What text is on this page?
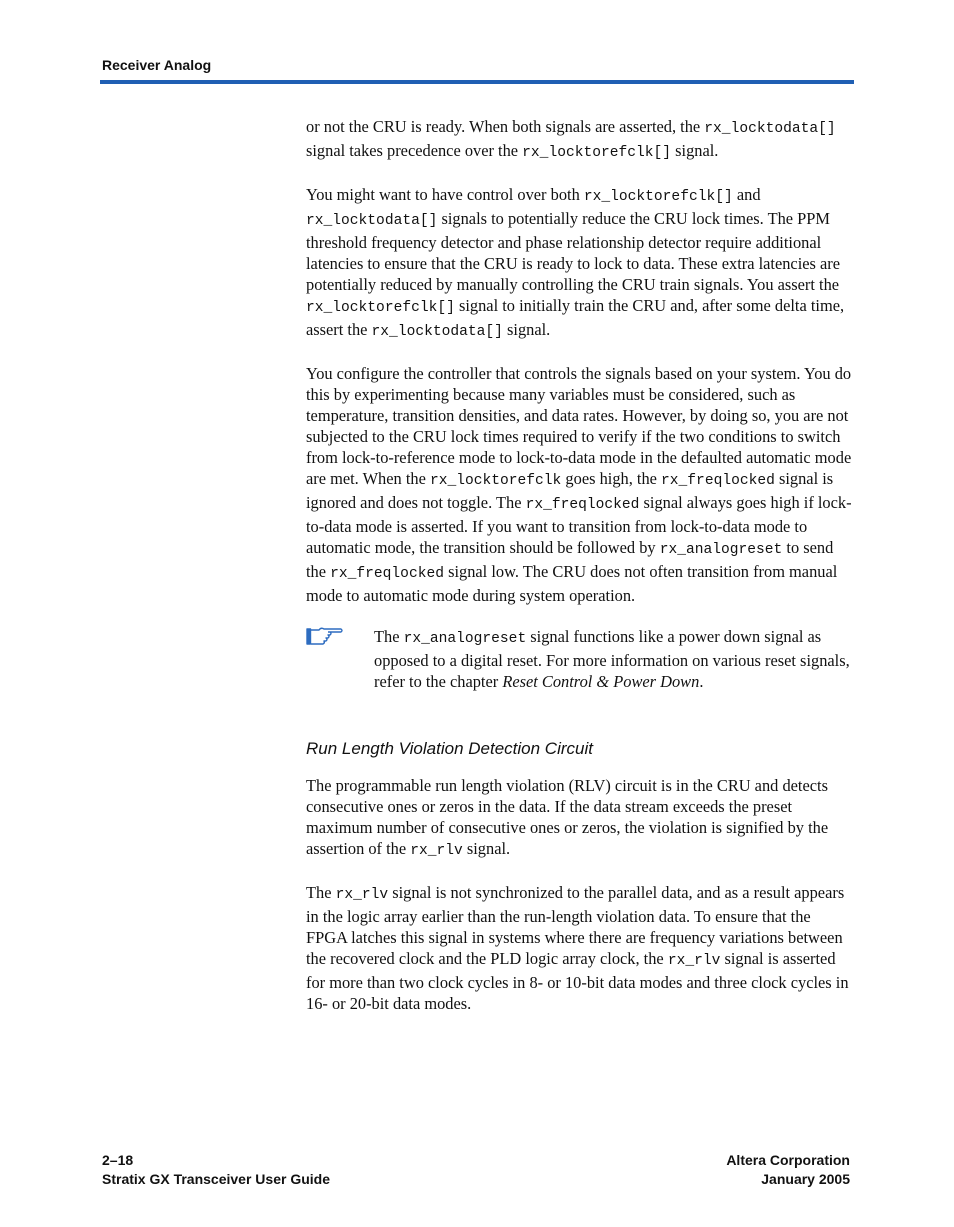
Receiver Analog

or not the CRU is ready. When both signals are asserted, the rx_locktodata[] signal takes precedence over the rx_locktorefclk[] signal.

You might want to have control over both rx_locktorefclk[] and rx_locktodata[] signals to potentially reduce the CRU lock times. The PPM threshold frequency detector and phase relationship detector require additional latencies to ensure that the CRU is ready to lock to data. These extra latencies are potentially reduced by manually controlling the CRU train signals. You assert the rx_locktorefclk[] signal to initially train the CRU and, after some delta time, assert the rx_locktodata[] signal.

You configure the controller that controls the signals based on your system. You do this by experimenting because many variables must be considered, such as temperature, transition densities, and data rates. However, by doing so, you are not subjected to the CRU lock times required to verify if the two conditions to switch from lock-to-reference mode to lock-to-data mode in the defaulted automatic mode are met. When the rx_locktorefclk goes high, the rx_freqlocked signal is ignored and does not toggle. The rx_freqlocked signal always goes high if lock-to-data mode is asserted. If you want to transition from lock-to-data mode to automatic mode, the transition should be followed by rx_analogreset to send the rx_freqlocked signal low. The CRU does not often transition from manual mode to automatic mode during system operation.

The rx_analogreset signal functions like a power down signal as opposed to a digital reset. For more information on various reset signals, refer to the chapter Reset Control & Power Down.

Run Length Violation Detection Circuit

The programmable run length violation (RLV) circuit is in the CRU and detects consecutive ones or zeros in the data. If the data stream exceeds the preset maximum number of consecutive ones or zeros, the violation is signified by the assertion of the rx_rlv signal.

The rx_rlv signal is not synchronized to the parallel data, and as a result appears in the logic array earlier than the run-length violation data. To ensure that the FPGA latches this signal in systems where there are frequency variations between the recovered clock and the PLD logic array clock, the rx_rlv signal is asserted for more than two clock cycles in 8- or 10-bit data modes and three clock cycles in 16- or 20-bit data modes.

2–18
Stratix GX Transceiver User Guide
Altera Corporation
January 2005
